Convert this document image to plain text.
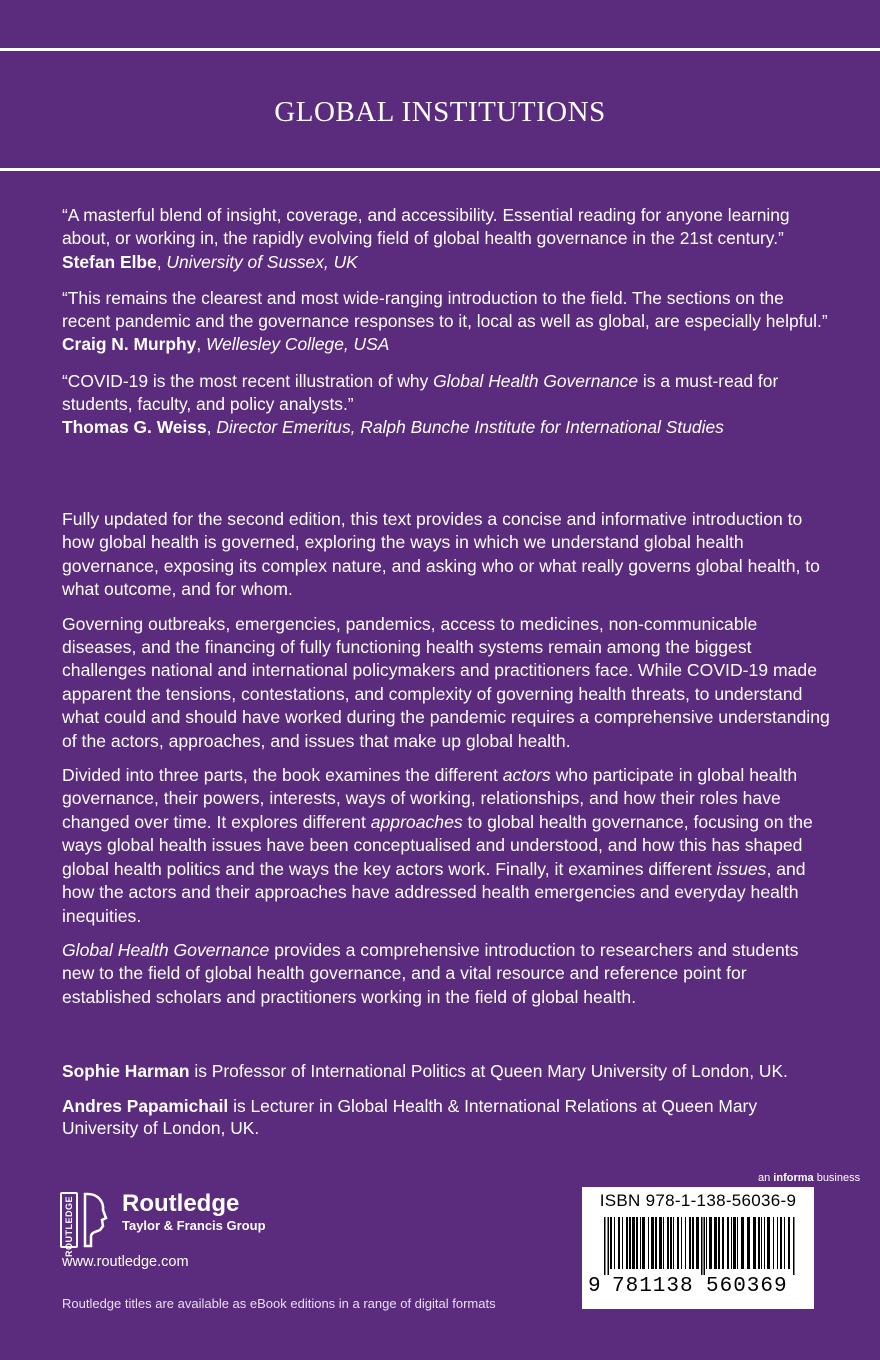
GLOBAL INSTITUTIONS

“A masterful blend of insight, coverage, and accessibility. Essential reading for anyone learning about, or working in, the rapidly evolving field of global health governance in the 21st century.”

Stefan Elbe, University of Sussex, UK

“This remains the clearest and most wide-ranging introduction to the field. The sections on the recent pandemic and the governance responses to it, local as well as global, are especially helpful.”

Craig N. Murphy, Wellesley College, USA

“COVID-19 is the most recent illustration of why Global Health Governance is a must-read for students, faculty, and policy analysts.”

Thomas G. Weiss, Director Emeritus, Ralph Bunche Institute for International Studies

Fully updated for the second edition, this text provides a concise and informative introduction to how global health is governed, exploring the ways in which we understand global health governance, exposing its complex nature, and asking who or what really governs global health, to what outcome, and for whom.

Governing outbreaks, emergencies, pandemics, access to medicines, non-communicable diseases, and the financing of fully functioning health systems remain among the biggest challenges national and international policymakers and practitioners face. While COVID-19 made apparent the tensions, contestations, and complexity of governing health threats, to understand what could and should have worked during the pandemic requires a comprehensive understanding of the actors, approaches, and issues that make up global health.

Divided into three parts, the book examines the different actors who participate in global health governance, their powers, interests, ways of working, relationships, and how their roles have changed over time. It explores different approaches to global health governance, focusing on the ways global health issues have been conceptualised and understood, and how this has shaped global health politics and the ways the key actors work. Finally, it examines different issues, and how the actors and their approaches have addressed health emergencies and everyday health inequities.

Global Health Governance provides a comprehensive introduction to researchers and students new to the field of global health governance, and a vital resource and reference point for established scholars and practitioners working in the field of global health.

Sophie Harman is Professor of International Politics at Queen Mary University of London, UK.

Andres Papamichail is Lecturer in Global Health & International Relations at Queen Mary University of London, UK.

ROUTLEDGE Routledge
Taylor & Francis Group
www.routledge.com
Routledge titles are available as eBook editions in a range of digital formats
an informa business
ISBN 978-1-138-56036-9
9 781138 560369
